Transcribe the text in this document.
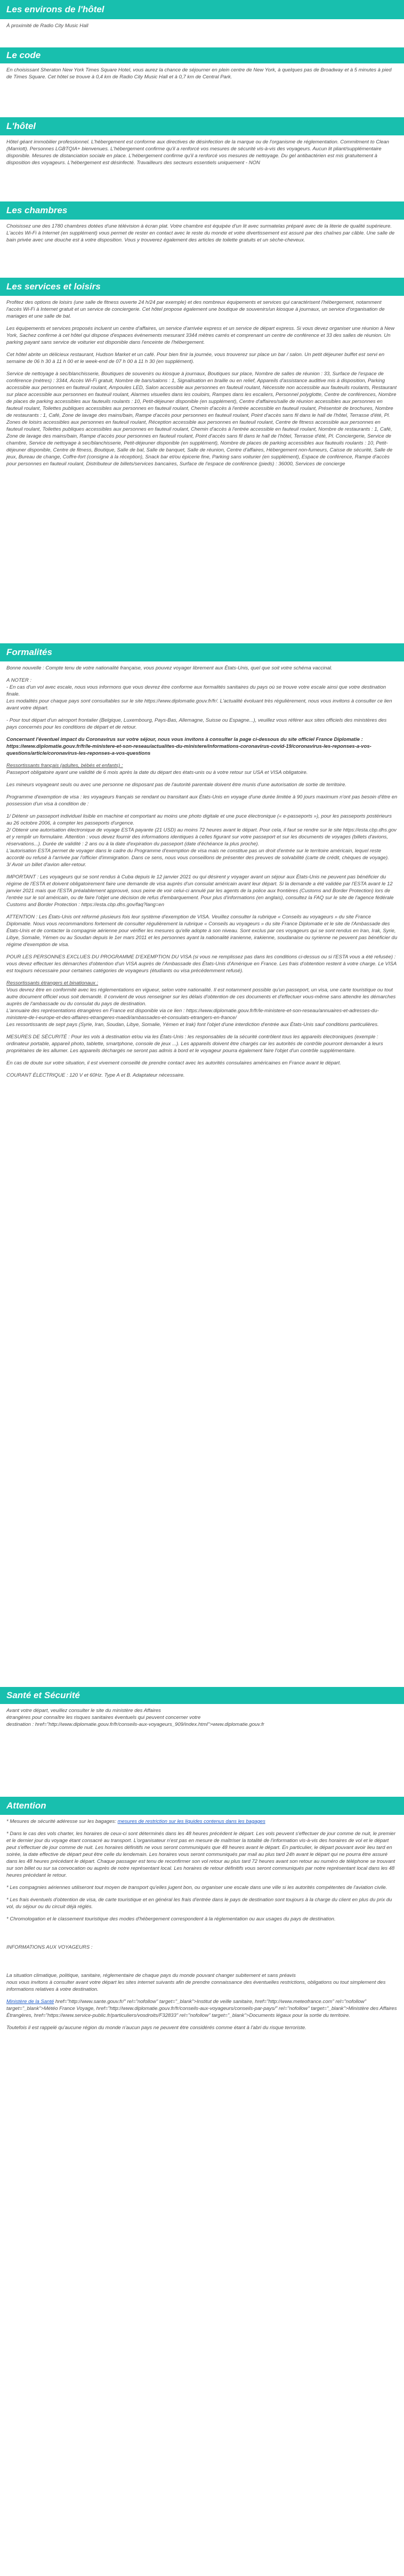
Les environs de l'hôtel

À proximité de Radio City Music Hall

Le code

En choisissant Sheraton New York Times Square Hotel, vous aurez la chance de séjourner en plein centre de New York, à quelques pas de Broadway et à 5 minutes à pied de Times Square. Cet hôtel se trouve à 0,4 km de Radio City Music Hall et à 0,7 km de Central Park.

L'hôtel

Hôtel géant immobilier professionnel. L'hébergement est conforme aux directives de désinfection de la marque ou de l'organisme de réglementation. Commitment to Clean (Marriott). Personnes LGBTQIA+ bienvenues. L'hébergement confirme qu'il a renforcé vos mesures de sécurité vis-à-vis des voyageurs. Aucun lit pliant/supplémentaire disponible. Mesures de distanciation sociale en place. L'hébergement confirme qu'il a renforcé vos mesures de nettoyage. Du gel antibactérien est mis gratuitement à disposition des voyageurs. L'hébergement est désinfecté. Travailleurs des secteurs essentiels uniquement - NON

Les chambres

Choisissez une des 1780 chambres dotées d'une télévision à écran plat. Votre chambre est équipée d'un lit avec surmatelas préparé avec de la literie de qualité supérieure. L'accès Wi-Fi à Internet (en supplément) vous permet de rester en contact avec le reste du monde et votre divertissement est assuré par des chaînes par câble. Une salle de bain privée avec une douche est à votre disposition. Vous y trouverez également des articles de toilette gratuits et un sèche-cheveux.

Les services et loisirs

Profitez des options de loisirs (une salle de fitness ouverte 24 h/24 par exemple) et des nombreux équipements et services qui caractérisent l'hébergement, notamment l'accès Wi-Fi à Internet gratuit et un service de conciergerie. Cet hôtel propose également une boutique de souvenirs/un kiosque à journaux, un service d'organisation de mariages et une salle de bal.

Les équipements et services proposés incluent un centre d'affaires, un service d'arrivée express et un service de départ express. Si vous devez organiser une réunion à New York, Sachez confirme à cet hôtel qui dispose d'espaces événements mesurant 3344 mètres carrés et comprenant un centre de conférence et 33 des salles de réunion. Un parking payant sans service de voiturier est disponible dans l'enceinte de l'hébergement.

Cet hôtel abrite un délicieux restaurant, Hudson Market et un café. Pour bien finir la journée, vous trouverez sur place un bar / salon. Un petit déjeuner buffet est servi en semaine de 06 h 30 à 11 h 00 et le week-end de 07 h 00 à 11 h 30 (en supplément).

Service de nettoyage à sec/blanchisserie, Boutiques de souvenirs ou kiosque à journaux, Boutiques sur place, Nombre de salles de réunion : 33, Surface de l'espace de conférence (mètres) : 3344, Accès Wi-Fi gratuit, Nombre de bars/salons : 1, Signalisation en braille ou en relief, Appareils d'assistance auditive mis à disposition, Parking accessible aux personnes en fauteuil roulant, Ampoules LED, Salon accessible aux personnes en fauteuil roulant, Nécessite non accessible aux fauteuils roulants, Restaurant sur place accessible aux personnes en fauteuil roulant, Alarmes visuelles dans les couloirs, Rampes dans les escaliers, Personnel polyglotte, Centre de conférences, Nombre de places de parking accessibles aux fauteuils roulants : 10, Petit-déjeuner disponible (en supplément), Centre d'affaires/salle de réunion accessibles aux personnes en fauteuil roulant, Toilettes publiques accessibles aux personnes en fauteuil roulant, Chemin d'accès à l'entrée accessible en fauteuil roulant, Présentoir de brochures, Nombre de restaurants : 1, Café, Zone de lavage des mains/bain, Rampe d'accès pour personnes en fauteuil roulant, Point d'accès sans fil dans le hall de l'hôtel, Terrasse d'été, Pl. Zones de loisirs accessibles aux personnes en fauteuil roulant, Réception accessible aux personnes en fauteuil roulant, Centre de fitness accessible aux personnes en fauteuil roulant, Toilettes publiques accessibles aux personnes en fauteuil roulant, Chemin d'accès à l'entrée accessible en fauteuil roulant, Nombre de restaurants : 1, Café, Zone de lavage des mains/bain, Rampe d'accès pour personnes en fauteuil roulant, Point d'accès sans fil dans le hall de l'hôtel, Terrasse d'été, Pl. Conciergerie, Service de chambre, Service de nettoyage à sec/blanchisserie, Petit-déjeuner disponible (en supplément), Nombre de places de parking accessibles aux fauteuils roulants : 10, Petit-déjeuner disponible, Centre de fitness, Boutique, Salle de bal, Salle de banquet, Salle de réunion, Centre d'affaires, Hébergement non-fumeurs, Caisse de sécurité, Salle de jeux, Bureau de change, Coffre-fort (consigne à la réception), Snack bar et/ou épicerie fine, Parking sans voiturier (en supplément), Espace de conférence, Rampe d'accès pour personnes en fauteuil roulant, Distributeur de billets/services bancaires, Surface de l'espace de conférence (pieds) : 36000, Services de concierge

Formalités

Bonne nouvelle : Compte tenu de votre nationalité française, vous pouvez voyager librement aux États-Unis, quel que soit votre schéma vaccinal.

A NOTER :

- En cas d'un vol avec escale, nous vous informons que vous devrez être conforme aux formalités sanitaires du pays où se trouve votre escale ainsi que votre destination finale.

Les modalités pour chaque pays sont consultables sur le site https://www.diplomatie.gouv.fr/fr/. L'actualité évoluant très régulièrement, nous vous invitons à consulter ce lien avant votre départ.

- Pour tout départ d'un aéroport frontalier (Belgique, Luxembourg, Pays-Bas, Allemagne, Suisse ou Espagne...), veuillez vous référer aux sites officiels des ministères des pays concernés pour les conditions de départ et de retour.

Concernant l'éventuel impact du Coronavirus sur votre séjour, nous vous invitons à consulter la page ci-dessous du site officiel France Diplomatie :

https://www.diplomatie.gouv.fr/fr/le-ministere-et-son-reseau/actualites-du-ministere/informations-coronavirus-covid-19/coronavirus-les-reponses-a-vos-questions/article/coronavirus-les-reponses-a-vos-questions

Ressortissants français (adultes, bébés et enfants) :

Passeport obligatoire ayant une validité de 6 mois après la date du départ des états-unis ou à votre retour sur USA et VISA obligatoire.

Les mineurs voyageant seuls ou avec une personne ne disposant pas de l'autorité parentale doivent être munis d'une autorisation de sortie de territoire.

Programme d'exemption de visa : les voyageurs français se rendant ou transitant aux États-Unis en voyage d'une durée limitée à 90 jours maximum n'ont pas besoin d'être en possession d'un visa à condition de :

1/ Détenir un passeport individuel lisible en machine et comportant au moins une photo digitale et une puce électronique (« e-passeports »), pour les passeports postérieurs au 26 octobre 2006, à compter les passeports d'urgence.

2/ Obtenir une autorisation électronique de voyage ESTA payante (21 USD) au moins 72 heures avant le départ. Pour cela, il faut se rendre sur le site https://esta.cbp.dhs.gov et y remplir un formulaire. Attention : vous devez fournir des informations identiques à celles figurant sur votre passeport et sur les documents de voyages (billets d'avions, réservations...). Durée de validité : 2 ans ou à la date d'expiration du passeport (date d'échéance la plus proche).

L'autorisation ESTA permet de voyager dans le cadre du Programme d'exemption de visa mais ne constitue pas un droit d'entrée sur le territoire américain, lequel reste accordé ou refusé à l'arrivée par l'officier d'immigration. Dans ce sens, nous vous conseillons de présenter des preuves de solvabilité (carte de crédit, chèques de voyage).

3/ Avoir un billet d'avion aller-retour.

IMPORTANT : Les voyageurs qui se sont rendus à Cuba depuis le 12 janvier 2021 ou qui désirent y voyager avant un séjour aux États-Unis ne peuvent pas bénéficier du régime de l'ESTA et doivent obligatoirement faire une demande de visa auprès d'un consulat américain avant leur départ. Si la demande a été validée par l'ESTA avant le 12 janvier 2021 mais que l'ESTA préalablement approuvé, sous peine de voir celui-ci annulé par les agents de la police aux frontières (Customs and Border Protection) lors de l'entrée sur le sol américain, ou de faire l'objet une décision de refus d'embarquement. Pour plus d'informations (en anglais), consultez la FAQ sur le site de l'agence fédérale Customs and Border Protection : https://esta.cbp.dhs.gov/faq?lang=en

ATTENTION : Les États-Unis ont réformé plusieurs fois leur système d'exemption de VISA. Veuillez consulter la rubrique « Conseils au voyageurs » du site France Diplomatie. Nous vous recommandons fortement de consulter régulièrement la rubrique « Conseils au voyageurs » du site France Diplomatie et le site de l'Ambassade des États-Unis et de contacter la compagnie aérienne pour vérifier les mesures qu'elle adopte à son niveau. Sont exclus par ces voyageurs qui se sont rendus en Iran, Irak, Syrie, Libye, Somalie, Yémen ou au Soudan depuis le 1er mars 2011 et les personnes ayant la nationalité iranienne, irakienne, soudanaise ou syrienne ne peuvent pas bénéficier du régime d'exemption de visa.

POUR LES PERSONNES EXCLUES DU PROGRAMME D'EXEMPTION DU VISA (si vous ne remplissez pas dans les conditions ci-dessus ou si l'ESTA vous a été refusée) : vous devez effectuer les démarches d'obtention d'un VISA auprès de l'Ambassade des États-Unis d'Amérique en France. Les frais d'obtention restent à votre charge. Le VISA est toujours nécessaire pour certaines catégories de voyageurs (étudiants ou visa précédemment refusé).

Ressortissants étrangers et binationaux :

Vous devrez être en conformité avec les réglementations en vigueur, selon votre nationalité. Il est notamment possible qu'un passeport, un visa, une carte touristique ou tout autre document officiel vous soit demandé. Il convient de vous renseigner sur les délais d'obtention de ces documents et d'effectuer vous-même sans attendre les démarches auprès de l'ambassade ou du consulat du pays de destination.

L'annuaire des représentations étrangères en France est disponible via ce lien : https://www.diplomatie.gouv.fr/fr/le-ministere-et-son-reseau/annuaires-et-adresses-du-ministere-de-l-europe-et-des-affaires-etrangeres-maedi/ambassades-et-consulats-etrangers-en-france/

Les ressortissants de sept pays (Syrie, Iran, Soudan, Libye, Somalie, Yémen et Irak) font l'objet d'une interdiction d'entrée aux États-Unis sauf conditions particulières.

MESURES DE SÉCURITÉ : Pour les vols à destination et/ou via les États-Unis : les responsables de la sécurité contrôlent tous les appareils électroniques (exemple : ordinateur portable, appareil photo, tablette, smartphone, console de jeux ...). Les appareils doivent être chargés car les autorités de contrôle pourront demander à leurs propriétaires de les allumer. Les appareils déchargés ne seront pas admis à bord et le voyageur pourra également faire l'objet d'un contrôle supplémentaire.

En cas de doute sur votre situation, il est vivement conseillé de prendre contact avec les autorités consulaires américaines en France avant le départ.

COURANT ÉLECTRIQUE : 120 V et 60Hz. Type A et B. Adaptateur nécessaire.

Santé et Sécurité

Avant votre départ, veuillez consulter le site du ministère des Affaires

étrangères pour connaître les risques sanitaires éventuels qui peuvent concerner votre

destination : href="http://www.diplomatie.gouv.fr/fr/conseils-aux-voyageurs_909/index.html">www.diplomatie.gouv.fr

Attention

* Mesures de sécurité adéresse sur les bagages: mesures de restriction sur les liquides contenus dans les bagages

* Dans le cas des vols charter, les horaires de ceux-ci sont déterminés dans les 48 heures précédent le départ. Les vols peuvent s'effectuer de jour comme de nuit, le premier et le dernier jour du voyage étant consacré au transport. L'organisateur n'est pas en mesure de maîtriser la totalité de l'information vis-à-vis des horaires de vol et le départ peut s'effectuer de jour comme de nuit. Les horaires définitifs ne vous seront communiqués que 48 heures avant le départ. En particulier, le départ pouvant avoir lieu tard en soirée, la date effective de départ peut être celle du lendemain. Les horaires vous seront communiqués par mail au plus tard 24h avant le départ qui ne pourra être assuré dans les 48 heures précédant le départ. Chaque passager est tenu de reconfirmer son vol retour au plus tard 72 heures avant son retour au numéro de téléphone se trouvant sur son billet ou sur sa convocation ou auprès de notre représentant local. Les horaires de retour définitifs vous seront communiqués par notre représentant local dans les 48 heures précédant le retour.

* Les compagnies aériennes utiliseront tout moyen de transport qu'elles jugent bon, ou organiser une escale dans une ville si les autorités compétentes de l'aviation civile.

* Les frais éventuels d'obtention de visa, de carte touristique et en général les frais d'entrée dans le pays de destination sont toujours à la charge du client en plus du prix du vol, du séjour ou du circuit déjà réglés.

* Chromologation et le classement touristique des modes d'hébergement correspondent à la réglementation ou aux usages du pays de destination.

INFORMATIONS AUX VOYAGEURS :

La situation climatique, politique, sanitaire, réglementaire de chaque pays du monde pouvant changer subitement et sans préavis

nous vous invitons à consulter avant votre départ les sites internet suivants afin de prendre connaissance des éventuelles restrictions, obligations ou tout simplement des informations relatives à votre destination.

Ministère de la Santé href="http://www.sante.gouv.fr/" rel="nofollow" target="_blank">Institut de veille sanitaire, href="http://www.meteofrance.com" rel="nofollow" target="_blank">Météo France Voyage, href="http://www.diplomatie.gouv.fr/fr/conseils-aux-voyageurs/conseils-par-pays/" rel="nofollow" target="_blank">Ministère des Affaires Étrangères, href="https://www.service-public.fr/particuliers/vosdroits/F32833" rel="nofollow" target="_blank">Documents légaux pour la sortie du territoire.

Toutefois il est rappelé qu'aucune région du monde n'aucun pays ne peuvent être considérés comme étant à l'abri du risque terroriste.
